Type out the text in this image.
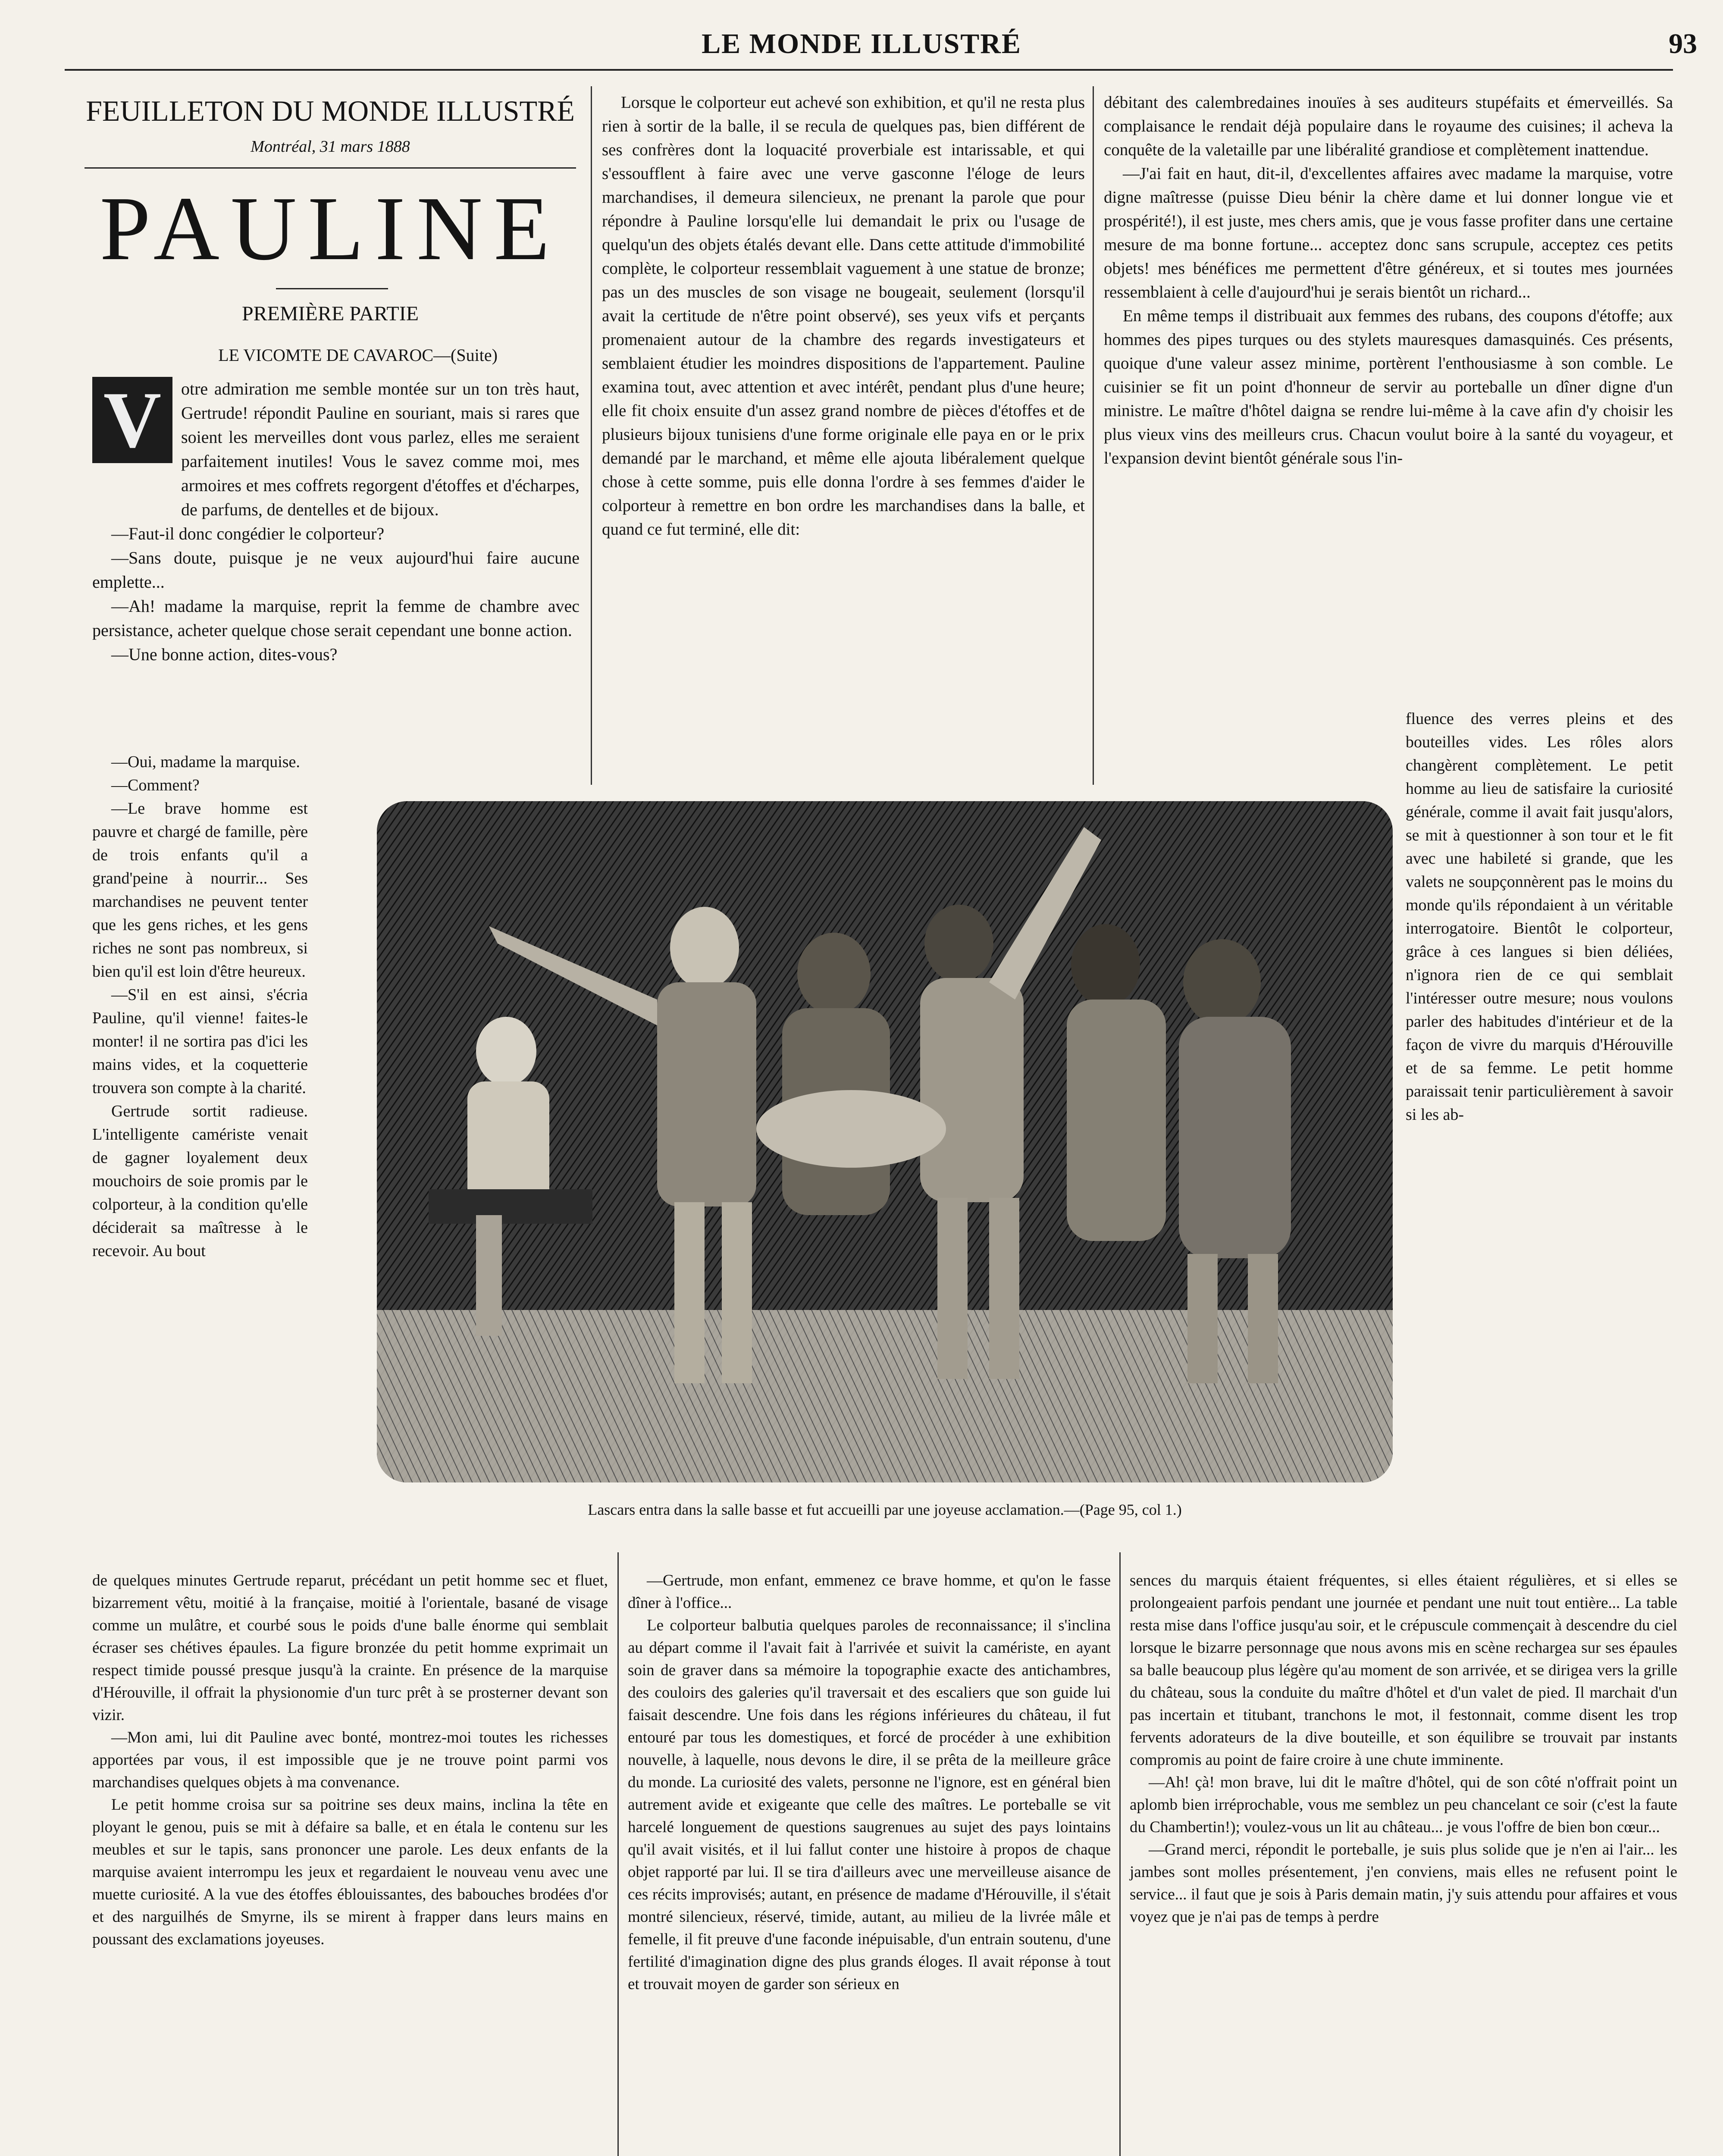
LE MONDE ILLUSTRÉ	93
FEUILLETON DU MONDE ILLUSTRÉ
Montréal, 31 mars 1888
PAULINE
PREMIÈRE PARTIE
LE VICOMTE DE CAVAROC—(Suite)
V	otre admiration me semble montée sur un ton très haut, Gertrude! répondit Pauline en souriant, mais si rares que soient les merveilles dont vous parlez, elles me seraient parfaitement inutiles! Vous le savez comme moi, mes armoires et mes coffrets regorgent d'étoffes et d'écharpes, de parfums, de dentelles et de bijoux.

—Faut-il donc congédier le colporteur?

—Sans doute, puisque je ne veux aujourd'hui faire aucune emplette...

—Ah! madame la marquise, reprit la femme de chambre avec persistance, acheter quelque chose serait cependant une bonne action.

—Une bonne action, dites-vous?

—Oui, madame la marquise.

—Comment?

—Le brave homme est pauvre et chargé de famille, père de trois enfants qu'il a grand'peine à nourrir... Ses marchandises ne peuvent tenter que les gens riches, et les gens riches ne sont pas nombreux, si bien qu'il est loin d'être heureux.

—S'il en est ainsi, s'écria Pauline, qu'il vienne! faites-le monter! il ne sortira pas d'ici les mains vides, et la coquetterie trouvera son compte à la charité.

Gertrude sortit radieuse. L'intelligente caméristе venait de gagner loyalement deux mouchoirs de soie promis par le colporteur, à la condition qu'elle déciderait sa maîtresse à le recevoir. Au bout

de quelques minutes Gertrude reparut, précédant un petit homme sec et fluet, bizarrement vêtu, moitié à la française, moitié à l'orientale, basané de visage comme un mulâtre, et courbé sous le poids d'une balle énorme qui semblait écraser ses chétives épaules. La figure bronzée du petit homme exprimait un respect timide poussé presque jusqu'à la crainte. En présence de la marquise d'Hérouville, il offrait la physionomie d'un turc prêt à se prosterner devant son vizir.

—Mon ami, lui dit Pauline avec bonté, montrez-moi toutes les richesses apportées par vous, il est impossible que je ne trouve point parmi vos marchandises quelques objets à ma convenance.

Le petit homme croisa sur sa poitrine ses deux mains, inclina la tête en ployant le genou, puis se mit à défaire sa balle, et en étala le contenu sur les meubles et sur le tapis, sans prononcer une parole. Les deux enfants de la marquise avaient interrompu les jeux et regardaient le nouveau venu avec une muette curiosité. A la vue des étoffes éblouissantes, des babouches brodées d'or et des narguilhés de Smyrne, ils se mirent à frapper dans leurs mains en poussant des exclamations joyeuses.

Lorsque le colporteur eut achevé son exhibition, et qu'il ne resta plus rien à sortir de la balle, il se recula de quelques pas, bien différent de ses confrères dont la loquacité proverbiale est intarissable, et qui s'essoufflent à faire avec une verve gasconne l'éloge de leurs marchandises, il demeura silencieux, ne prenant la parole que pour répondre à Pauline lorsqu'elle lui demandait le prix ou l'usage de quelqu'un des objets étalés devant elle. Dans cette attitude d'immobilité complète, le colporteur ressemblait vaguement à une statue de bronze; pas un des muscles de son visage ne bougeait, seulement (lorsqu'il avait la certitude de n'être point observé), ses yeux vifs et perçants promenaient autour de la chambre des regards investigateurs et semblaient étudier les moindres dispositions de l'appartement. Pauline examina tout, avec attention et avec intérêt, pendant plus d'une heure; elle fit choix ensuite d'un assez grand nombre de pièces d'étoffes et de plusieurs bijoux tunisiens d'une forme originale elle paya en or le prix demandé par le marchand, et même elle ajouta libéralement quelque chose à cette somme, puis elle donna l'ordre à ses femmes d'aider le colporteur à remettre en bon ordre les marchandises dans la balle, et quand ce fut terminé, elle dit:

—Gertrude, mon enfant, emmenez ce brave homme, et qu'on le fasse dîner à l'office...

Le colporteur balbutia quelques paroles de reconnaissance; il s'inclina au départ comme il l'avait fait à l'arrivée et suivit la caméristе, en ayant soin de graver dans sa mémoire la topographie exacte des antichambres, des couloirs des galeries qu'il traversait et des escaliers que son guide lui faisait descendre. Une fois dans les régions inférieures du château, il fut entouré par tous les domestiques, et forcé de procéder à une exhibition nouvelle, à laquelle, nous devons le dire, il se prêta de la meilleure grâce du monde. La curiosité des valets, personne ne l'ignore, est en général bien autrement avide et exigeante que celle des maîtres. Le porteballe se vit harcelé longuement de questions saugrenues au sujet des pays lointains qu'il avait visités, et il lui fallut conter une histoire à propos de chaque objet rapporté par lui. Il se tira d'ailleurs avec une merveilleuse aisance de ces récits improvisés; autant, en présence de madame d'Hérouville, il s'était montré silencieux, réservé, timide, autant, au milieu de la livrée mâle et femelle, il fit preuve d'une faconde inépuisable, d'un entrain soutenu, d'une fertilité d'imagination digne des plus grands éloges. Il avait réponse à tout et trouvait moyen de garder son sérieux en

débitant des calembredaines inouïes à ses auditeurs stupéfaits et émerveillés. Sa complaisance le rendait déjà populaire dans le royaume des cuisines; il acheva la conquête de la valetaille par une libéralité grandiose et complètement inattendue.

—J'ai fait en haut, dit-il, d'excellentes affaires avec madame la marquise, votre digne maîtresse (puisse Dieu bénir la chère dame et lui donner longue vie et prospérité!), il est juste, mes chers amis, que je vous fasse profiter dans une certaine mesure de ma bonne fortune... acceptez donc sans scrupule, acceptez ces petits objets! mes bénéfices me permettent d'être généreux, et si toutes mes journées ressemblaient à celle d'aujourd'hui je serais bientôt un richard...

En même temps il distribuait aux femmes des rubans, des coupons d'étoffe; aux hommes des pipes turques ou des stylets mauresques damasquinés. Ces présents, quoique d'une valeur assez minime, portèrent l'enthousiasme à son comble. Le cuisinier se fit un point d'honneur de servir au porteballe un dîner digne d'un ministre. Le maître d'hôtel daigna se rendre lui-même à la cave afin d'y choisir les plus vieux vins des meilleurs crus. Chacun voulut boire à la santé du voyageur, et l'expansion devint bientôt générale sous l'in-

fluence des verres pleins et des bouteilles vides. Les rôles alors changèrent complètement. Le petit homme au lieu de satisfaire la curiosité générale, comme il avait fait jusqu'alors, se mit à questionner à son tour et le fit avec une habileté si grande, que les valets ne soupçonnèrent pas le moins du monde qu'ils répondaient à un véritable interrogatoire. Bientôt le colporteur, grâce à ces langues si bien déliées, n'ignora rien de ce qui semblait l'intéresser outre mesure; nous voulons parler des habitudes d'intérieur et de la façon de vivre du marquis d'Hérouville et de sa femme. Le petit homme paraissait tenir particulièrement à savoir si les ab-

sences du marquis étaient fréquentes, si elles étaient régulières, et si elles se prolongeaient parfois pendant une journée et pendant une nuit tout entière... La table resta mise dans l'office jusqu'au soir, et le crépuscule commençait à descendre du ciel lorsque le bizarre personnage que nous avons mis en scène rechargea sur ses épaules sa balle beaucoup plus légère qu'au moment de son arrivée, et se dirigea vers la grille du château, sous la conduite du maître d'hôtel et d'un valet de pied. Il marchait d'un pas incertain et titubant, tranchons le mot, il festonnait, comme disent les trop fervents adorateurs de la dive bouteille, et son équilibre se trouvait par instants compromis au point de faire croire à une chute imminente.

—Ah! çà! mon brave, lui dit le maître d'hôtel, qui de son côté n'offrait point un aplomb bien irréprochable, vous me semblez un peu chancelant ce soir (c'est la faute du Chambertin!); voulez-vous un lit au château... je vous l'offre de bien bon cœur...

—Grand merci, répondit le porteballe, je suis plus solide que je n'en ai l'air... les jambes sont molles présentement, j'en conviens, mais elles ne refusent point le service... il faut que je sois à Paris demain matin, j'y suis attendu pour affaires et vous voyez que je n'ai pas de temps à perdre

Lascars entra dans la salle basse et fut accueilli par une joyeuse acclamation.—(Page 95, col 1.)
